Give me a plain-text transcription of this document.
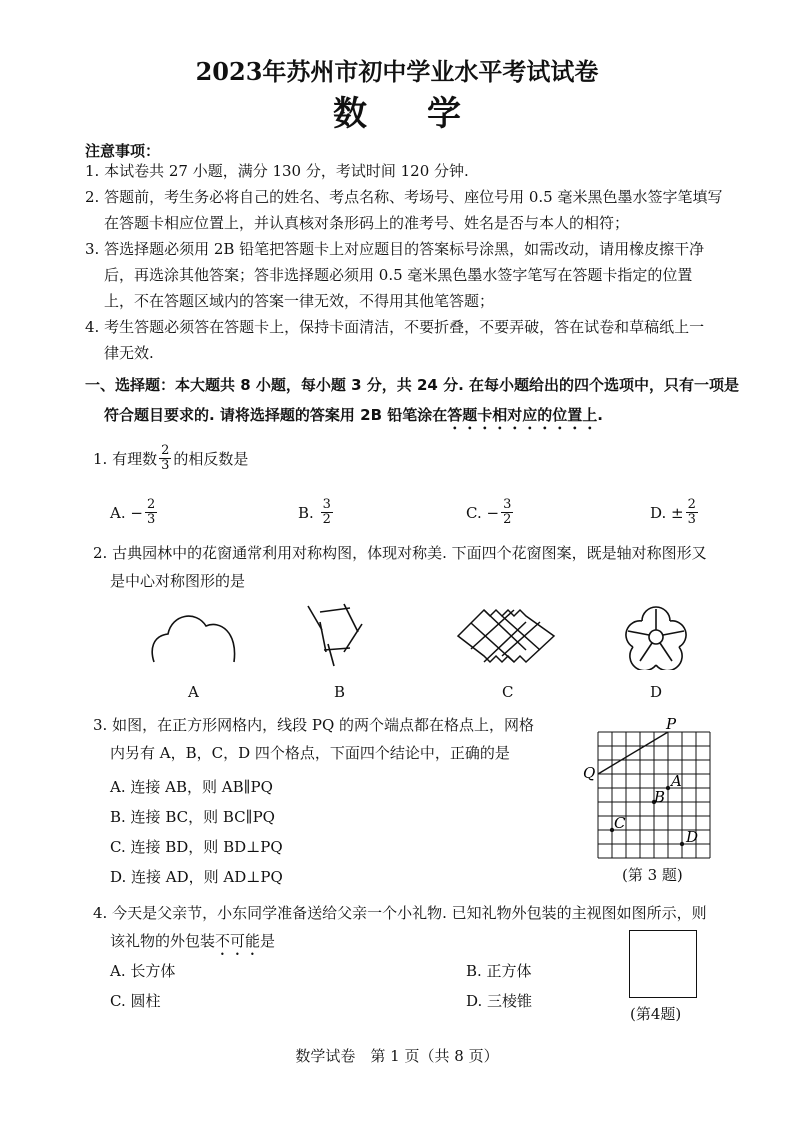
2023年苏州市初中学业水平考试试卷
数学
注意事项：
1. 本试卷共 27 小题，满分 130 分，考试时间 120 分钟.
2. 答题前，考生务必将自己的姓名、考点名称、考场号、座位号用 0.5 毫米黑色墨水签字笔填写
在答题卡相应位置上，并认真核对条形码上的准考号、姓名是否与本人的相符；
3. 答选择题必须用 2B 铅笔把答题卡上对应题目的答案标号涂黑，如需改动，请用橡皮擦干净
后，再选涂其他答案；答非选择题必须用 0.5 毫米黑色墨水签字笔写在答题卡指定的位置
上，不在答题区域内的答案一律无效，不得用其他笔答题；
4. 考生答题必须答在答题卡上，保持卡面清洁，不要折叠，不要弄破，答在试卷和草稿纸上一
律无效.
一、选择题：本大题共 8 小题，每小题 3 分，共 24 分. 在每小题给出的四个选项中，只有一项是
符合题目要求的. 请将选择题的答案用 2B 铅笔涂在答题卡相对应的位置上.
1. 有理数 $\frac{2}{3}$ 的相反数是
A.
− $\frac{2}{3}$	B.
$\frac{3}{2}$	C.
− $\frac{3}{2}$	D.
± $\frac{2}{3}$
2. 古典园林中的花窗通常利用对称构图，体现对称美. 下面四个花窗图案，既是轴对称图形又
是中心对称图形的是
A	B	C	D
3. 如图，在正方形网格内，线段 PQ 的两个端点都在格点上，网格
内另有 A，B，C，D 四个格点，下面四个结论中，正确的是
A. 连接 AB，则 AB∥PQ
B. 连接 BC，则 BC∥PQ
C. 连接 BD，则 BD⊥PQ
D. 连接 AD，则 AD⊥PQ
P
Q	A
B
C
D
(第 3 题)
4. 今天是父亲节，小东同学准备送给父亲一个小礼物. 已知礼物外包装的主视图如图所示，则
该礼物的外包装不可能是
A. 长方体	B. 正方体
C. 圆柱	D. 三棱锥
(第4题)
数学试卷　第 1 页（共 8 页）
